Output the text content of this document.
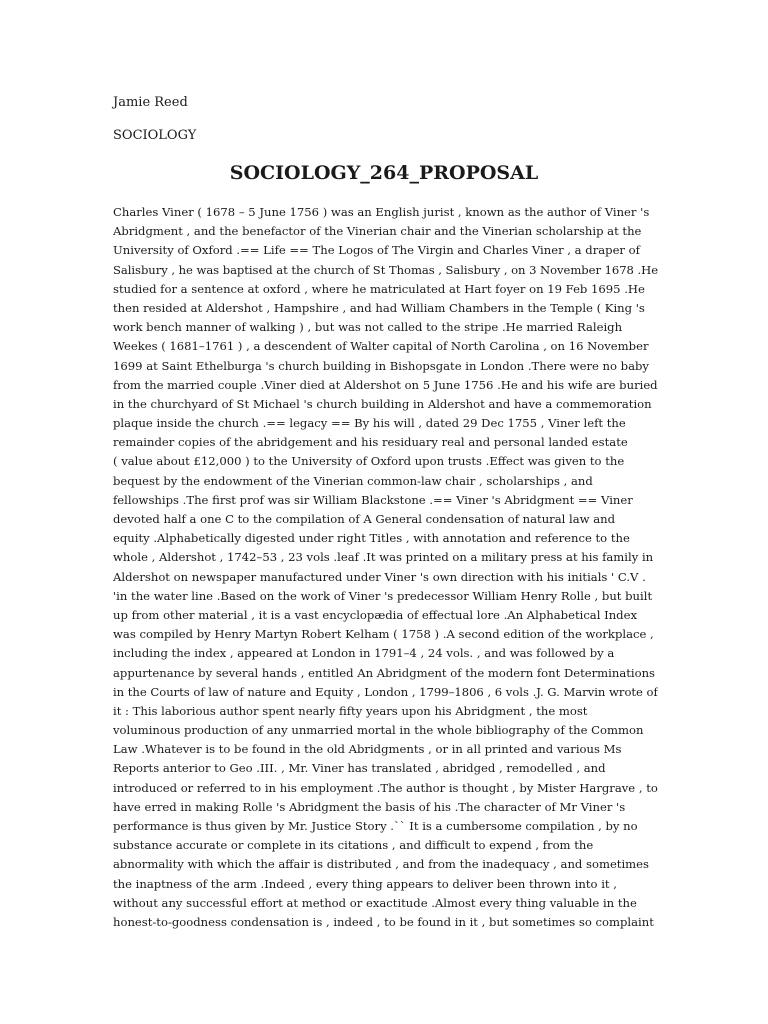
Jamie Reed
SOCIOLOGY
SOCIOLOGY_264_PROPOSAL
Charles Viner ( 1678 – 5 June 1756 ) was an English jurist , known as the author of Viner 's
Abridgment , and the benefactor of the Vinerian chair and the Vinerian scholarship at the
University of Oxford .== Life == The Logos of The Virgin and Charles Viner , a draper of
Salisbury , he was baptised at the church of St Thomas , Salisbury , on 3 November 1678 .He
studied for a sentence at oxford , where he matriculated at Hart foyer on 19 Feb 1695 .He
then resided at Aldershot , Hampshire , and had William Chambers in the Temple ( King 's
work bench manner of walking ) , but was not called to the stripe .He married Raleigh
Weekes ( 1681–1761 ) , a descendent of Walter capital of North Carolina , on 16 November
1699 at Saint Ethelburga 's church building in Bishopsgate in London .There were no baby
from the married couple .Viner died at Aldershot on 5 June 1756 .He and his wife are buried
in the churchyard of St Michael 's church building in Aldershot and have a commemoration
plaque inside the church .== legacy == By his will , dated 29 Dec 1755 , Viner left the
remainder copies of the abridgement and his residuary real and personal landed estate
( value about £12,000 ) to the University of Oxford upon trusts .Effect was given to the
bequest by the endowment of the Vinerian common-law chair , scholarships , and
fellowships .The first prof was sir William Blackstone .== Viner 's Abridgment == Viner
devoted half a one C to the compilation of A General condensation of natural law and
equity .Alphabetically digested under right Titles , with annotation and reference to the
whole , Aldershot , 1742–53 , 23 vols .leaf .It was printed on a military press at his family in
Aldershot on newspaper manufactured under Viner 's own direction with his initials ' C.V .
'in the water line .Based on the work of Viner 's predecessor William Henry Rolle , but built
up from other material , it is a vast encyclopædia of effectual lore .An Alphabetical Index
was compiled by Henry Martyn Robert Kelham ( 1758 ) .A second edition of the workplace ,
including the index , appeared at London in 1791–4 , 24 vols. , and was followed by a
appurtenance by several hands , entitled An Abridgment of the modern font Determinations
in the Courts of law of nature and Equity , London , 1799–1806 , 6 vols .J. G. Marvin wrote of
it : This laborious author spent nearly fifty years upon his Abridgment , the most
voluminous production of any unmarried mortal in the whole bibliography of the Common
Law .Whatever is to be found in the old Abridgments , or in all printed and various Ms
Reports anterior to Geo .III. , Mr. Viner has translated , abridged , remodelled , and
introduced or referred to in his employment .The author is thought , by Mister Hargrave , to
have erred in making Rolle 's Abridgment the basis of his .The character of Mr Viner 's
performance is thus given by Mr. Justice Story .`` It is a cumbersome compilation , by no
substance accurate or complete in its citations , and difficult to expend , from the
abnormality with which the affair is distributed , and from the inadequacy , and sometimes
the inaptness of the arm .Indeed , every thing appears to deliver been thrown into it ,
without any successful effort at method or exactitude .Almost every thing valuable in the
honest-to-goodness condensation is , indeed , to be found in it , but sometimes so complaint
